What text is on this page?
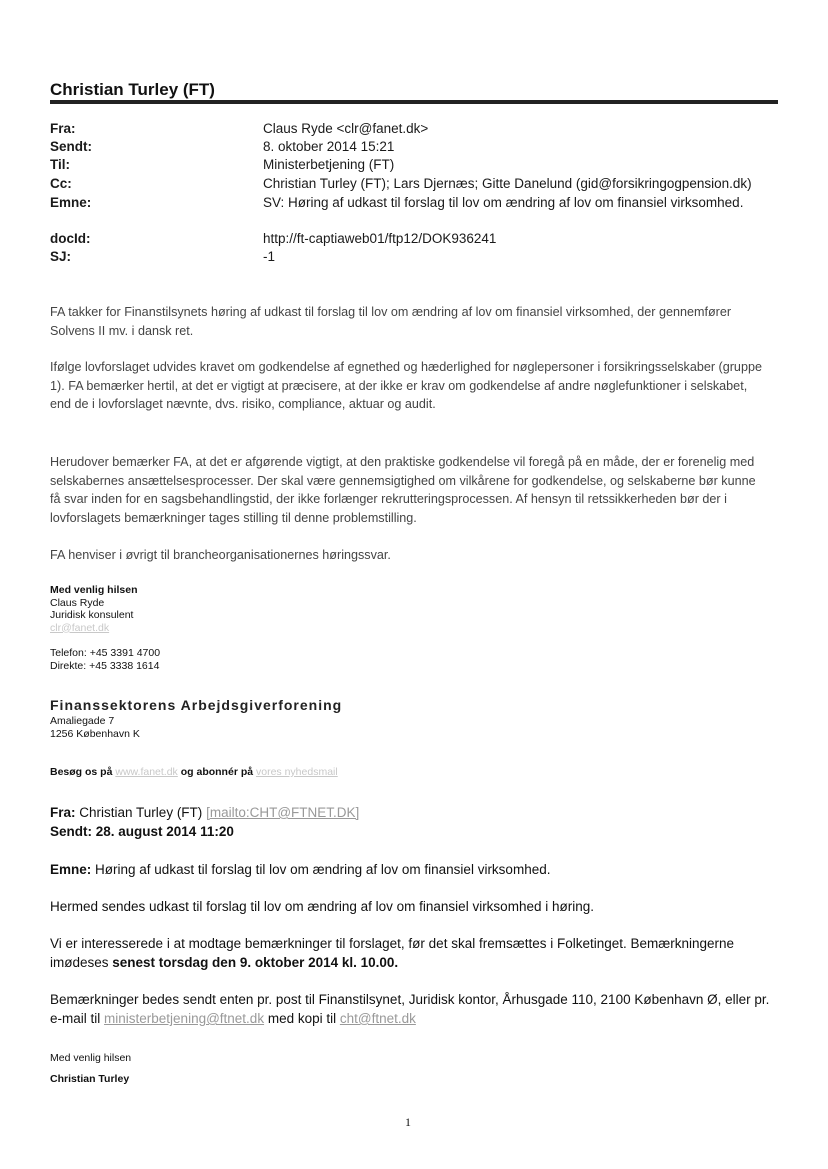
Christian Turley (FT)
Fra:	Claus Ryde <clr@fanet.dk>
Sendt:	8. oktober 2014 15:21
Til:	Ministerbetjening (FT)
Cc:	Christian Turley (FT); Lars Djernæs; Gitte Danelund (gid@forsikringogpension.dk)
Emne:	SV: Høring af udkast til forslag til lov om ændring af lov om finansiel virksomhed.
docId:	http://ft-captiaweb01/ftp12/DOK936241
SJ:	-1
FA takker for Finanstilsynets høring af udkast til forslag til lov om ændring af lov om finansiel virksomhed, der gennemfører Solvens II mv. i dansk ret.
Ifølge lovforslaget udvides kravet om godkendelse af egnethed og hæderlighed for nøglepersoner i forsikringsselskaber (gruppe 1). FA bemærker hertil, at det er vigtigt at præcisere, at der ikke er krav om godkendelse af andre nøglefunktioner i selskabet, end de i lovforslaget nævnte, dvs. risiko, compliance, aktuar og audit.
Herudover bemærker FA, at det er afgørende vigtigt, at den praktiske godkendelse vil foregå på en måde, der er forenelig med selskabernes ansættelsesprocesser. Der skal være gennemsigtighed om vilkårene for godkendelse, og selskaberne bør kunne få svar inden for en sagsbehandlingstid, der ikke forlænger rekrutteringsprocessen. Af hensyn til retssikkerheden bør der i lovforslagets bemærkninger tages stilling til denne problemstilling.
FA henviser i øvrigt til brancheorganisationernes høringssvar.
Med venlig hilsen
Claus Ryde
Juridisk konsulent
clr@fanet.dk
Telefon: +45 3391 4700
Direkte: +45 3338 1614
Finanssektorens Arbejdsgiverforening
Amaliegade 7
1256 København K
Besøg os på www.fanet.dk og abonnér på vores nyhedsmail
Fra: Christian Turley (FT) [mailto:CHT@FTNET.DK]
Sendt: 28. august 2014 11:20
Emne: Høring af udkast til forslag til lov om ændring af lov om finansiel virksomhed.
Hermed sendes udkast til forslag til lov om ændring af lov om finansiel virksomhed i høring.
Vi er interesserede i at modtage bemærkninger til forslaget, før det skal fremsættes i Folketinget. Bemærkningerne imødeses senest torsdag den 9. oktober 2014 kl. 10.00.
Bemærkninger bedes sendt enten pr. post til Finanstilsynet, Juridisk kontor, Århusgade 110, 2100 København Ø, eller pr. e-mail til ministerbetjening@ftnet.dk med kopi til cht@ftnet.dk
Med venlig hilsen
Christian Turley
1
